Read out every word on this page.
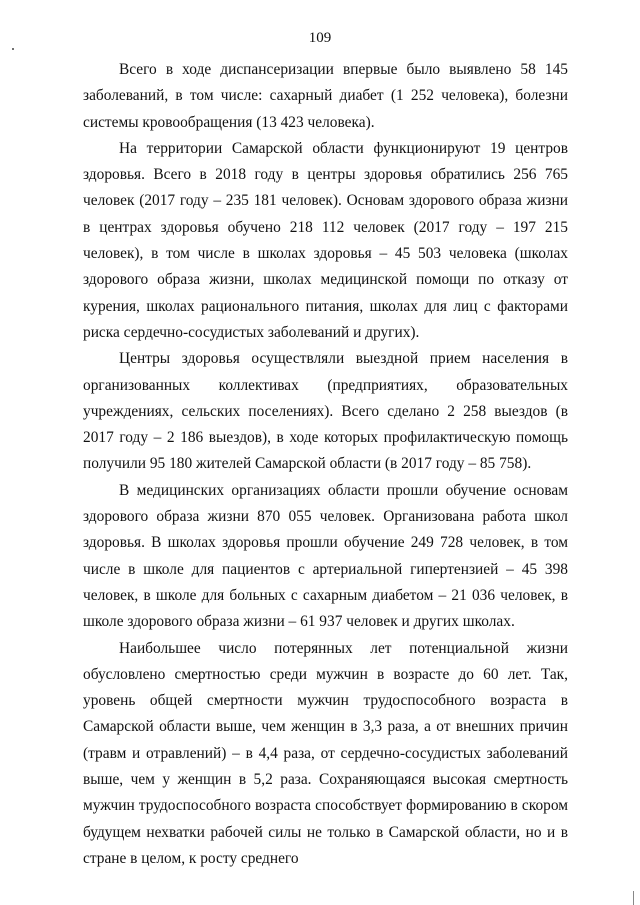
109

Всего в ходе диспансеризации впервые было выявлено 58 145 заболеваний, в том числе: сахарный диабет (1 252 человека), болезни системы кровообращения (13 423 человека).

На территории Самарской области функционируют 19 центров здоровья. Всего в 2018 году в центры здоровья обратились 256 765 человек (2017 году – 235 181 человек). Основам здорового образа жизни в центрах здоровья обучено 218 112 человек (2017 году – 197 215 человек), в том числе в школах здоровья – 45 503 человека (школах здорового образа жизни, школах медицинской помощи по отказу от курения, школах рационального питания, школах для лиц с факторами риска сердечно-сосудистых заболеваний и других).

Центры здоровья осуществляли выездной прием населения в организованных коллективах (предприятиях, образовательных учреждениях, сельских поселениях). Всего сделано 2 258 выездов (в 2017 году – 2 186 выездов), в ходе которых профилактическую помощь получили 95 180 жителей Самарской области (в 2017 году – 85 758).

В медицинских организациях области прошли обучение основам здорового образа жизни 870 055 человек. Организована работа школ здоровья. В школах здоровья прошли обучение 249 728 человек, в том числе в школе для пациентов с артериальной гипертензией – 45 398 человек, в школе для больных с сахарным диабетом – 21 036 человек, в школе здорового образа жизни – 61 937 человек и других школах.

Наибольшее число потерянных лет потенциальной жизни обусловлено смертностью среди мужчин в возрасте до 60 лет. Так, уровень общей смертности мужчин трудоспособного возраста в Самарской области выше, чем женщин в 3,3 раза, а от внешних причин (травм и отравлений) – в 4,4 раза, от сердечно-сосудистых заболеваний выше, чем у женщин в 5,2 раза. Сохраняющаяся высокая смертность мужчин трудоспособного возраста способствует формированию в скором будущем нехватки рабочей силы не только в Самарской области, но и в стране в целом, к росту среднего
